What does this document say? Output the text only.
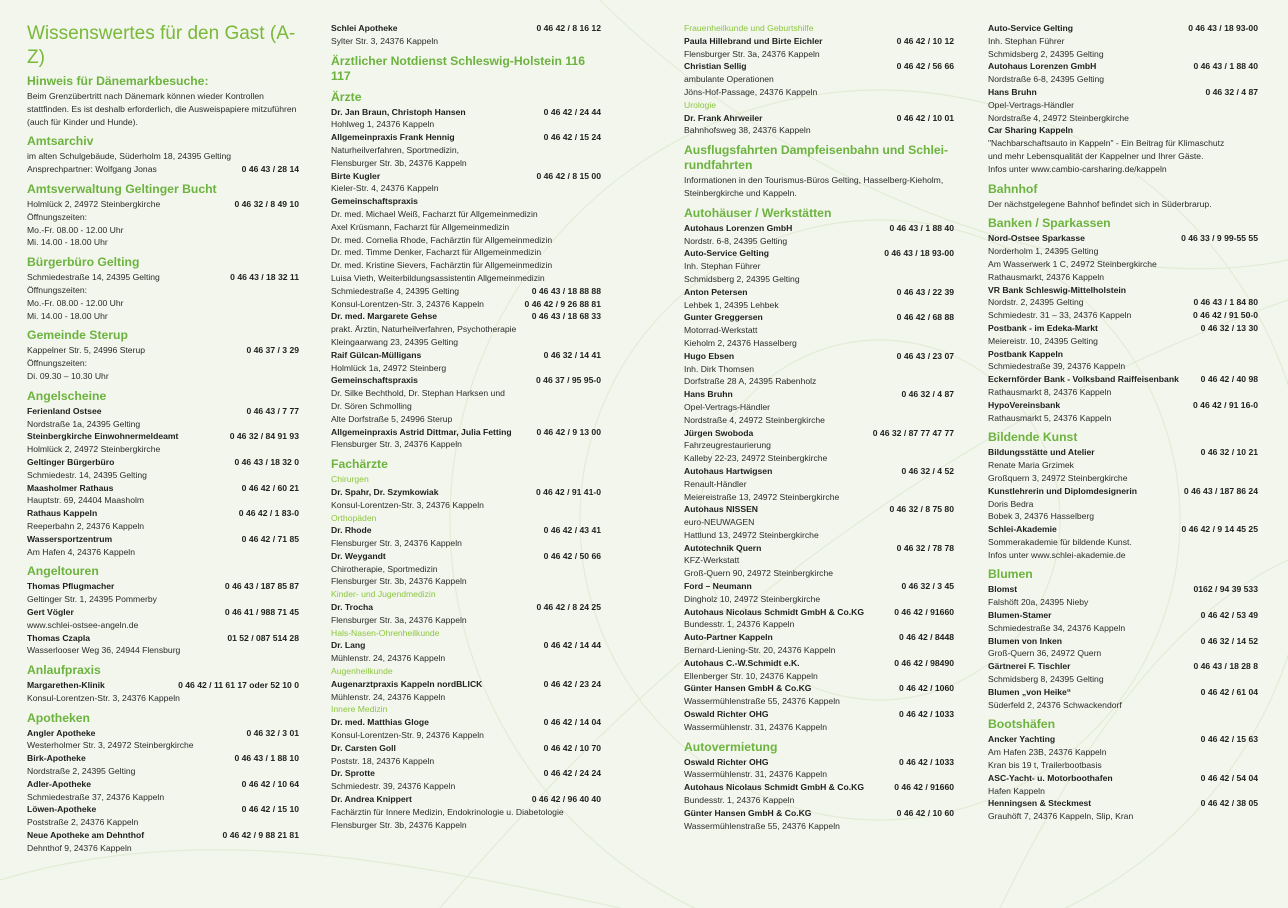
Wissenswertes für den Gast (A-Z)
Hinweis für Dänemarkbesuche:

Beim Grenzübertritt nach Dänemark können wieder Kontrollen stattfinden. Es ist deshalb erforderlich, die Ausweispapiere mitzuführen (auch für Kinder und Hunde).

Amtsarchiv

im alten Schulgebäude, Süderholm 18, 24395 Gelting

Ansprechpartner: Wolfgang Jonas	0 46 43 / 28 14
Amtsverwaltung Geltinger Bucht
Holmlück 2, 24972 Steinbergkirche	0 46 32 / 8 49 10

Öffnungszeiten:

Mo.-Fr. 08.00 - 12.00 Uhr

Mi. 14.00 - 18.00 Uhr

Bürgerbüro Gelting
Schmiedestraße 14, 24395 Gelting	0 46 43 / 18 32 11

Öffnungszeiten:

Mo.-Fr. 08.00 - 12.00 Uhr

Mi. 14.00 - 18.00 Uhr

Gemeinde Sterup
Kappelner Str. 5, 24996 Sterup	0 46 37 / 3 29

Öffnungszeiten:

Di. 09.30 – 10.30 Uhr

Angelscheine
Ferienland Ostsee	0 46 43 / 7 77

Nordstraße 1a, 24395 Gelting

Steinbergkirche Einwohnermeldeamt	0 46 32 / 84 91 93

Holmlück 2, 24972 Steinbergkirche

Geltinger Bürgerbüro	0 46 43 / 18 32 0

Schmiedestr. 14, 24395 Gelting

Maasholmer Rathaus	0 46 42 / 60 21

Hauptstr. 69, 24404 Maasholm

Rathaus Kappeln	0 46 42 / 1 83-0

Reeperbahn 2, 24376 Kappeln

Wassersportzentrum	0 46 42 / 71 85

Am Hafen 4, 24376 Kappeln

Angeltouren
Thomas Pflugmacher	0 46 43 / 187 85 87

Geltinger Str. 1, 24395 Pommerby

Gert Vögler	0 46 41 / 988 71 45

www.schlei-ostsee-angeln.de

Thomas Czapla	01 52 / 087 514 28

Wasserlooser Weg 36, 24944 Flensburg

Anlaufpraxis
Margarethen-Klinik	0 46 42 / 11 61 17 oder 52 10 0

Konsul-Lorentzen-Str. 3, 24376 Kappeln

Apotheken
Angler Apotheke	0 46 32 / 3 01

Westerholmer Str. 3, 24972 Steinbergkirche

Birk-Apotheke	0 46 43 / 1 88 10

Nordstraße 2, 24395 Gelting

Adler-Apotheke	0 46 42 / 10 64

Schmiedestraße 37, 24376 Kappeln

Löwen-Apotheke	0 46 42 / 15 10

Poststraße 2, 24376 Kappeln

Neue Apotheke am Dehnthof	0 46 42 / 9 88 21 81

Dehnthof 9, 24376 Kappeln

Schlei Apotheke	0 46 42 / 8 16 12

Sylter Str. 3, 24376 Kappeln

Ärztlicher Notdienst Schleswig-Holstein 116 117
Ärzte
Dr. Jan Braun, Christoph Hansen	0 46 42 / 24 44

Hohlweg 1, 24376 Kappeln

Allgemeinpraxis Frank Hennig	0 46 42 / 15 24

Naturheilverfahren, Sportmedizin,

Flensburger Str. 3b, 24376 Kappeln

Birte Kugler	0 46 42 / 8 15 00

Kieler-Str. 4, 24376 Kappeln

Gemeinschaftspraxis

Dr. med. Michael Weiß, Facharzt für Allgemeinmedizin

Axel Krüsmann, Facharzt für Allgemeinmedizin

Dr. med. Cornelia Rhode, Fachärztin für Allgemeinmedizin

Dr. med. Timme Denker, Facharzt für Allgemeinmedizin

Dr. med. Kristine Sievers, Fachärztin für Allgemeinmedizin

Luisa Vieth, Weiterbildungsassistentin Allgemeinmedizin

Schmiedestraße 4, 24395 Gelting	0 46 43 / 18 88 88
Konsul-Lorentzen-Str. 3, 24376 Kappeln	0 46 42 / 9 26 88 81
Dr. med. Margarete Gehse	0 46 43 / 18 68 33

prakt. Ärztin, Naturheilverfahren, Psychotherapie

Kleingaarwang 23, 24395 Gelting

Raif Gülcan-Mülligans	0 46 32 / 14 41

Holmlück 1a, 24972 Steinberg

Gemeinschaftspraxis	0 46 37 / 95 95-0

Dr. Silke Bechthold, Dr. Stephan Harksen und

Dr. Sören Schmolling

Alte Dorfstraße 5, 24996 Sterup

Allgemeinpraxis Astrid Dittmar, Julia Fetting	0 46 42 / 9 13 00

Flensburger Str. 3, 24376 Kappeln

Fachärzte

Chirurgen

Dr. Spahr, Dr. Szymkowiak	0 46 42 / 91 41-0

Konsul-Lorentzen-Str. 3, 24376 Kappeln

Orthopäden

Dr. Rhode	0 46 42 / 43 41

Flensburger Str. 3, 24376 Kappeln

Dr. Weygandt	0 46 42 / 50 66

Chirotherapie, Sportmedizin

Flensburger Str. 3b, 24376 Kappeln

Kinder- und Jugendmedizin

Dr. Trocha	0 46 42 / 8 24 25

Flensburger Str. 3a, 24376 Kappeln

Hals-Nasen-Ohrenheilkunde

Dr. Lang	0 46 42 / 14 44

Mühlenstr. 24, 24376 Kappeln

Augenheilkunde

Augenarztpraxis Kappeln nordBLICK	0 46 42 / 23 24

Mühlenstr. 24, 24376 Kappeln

Innere Medizin

Dr. med. Matthias Gloge	0 46 42 / 14 04

Konsul-Lorentzen-Str. 9, 24376 Kappeln

Dr. Carsten Goll	0 46 42 / 10 70

Poststr. 18, 24376 Kappeln

Dr. Sprotte	0 46 42 / 24 24

Schmiedestr. 39, 24376 Kappeln

Dr. Andrea Knippert	0 46 42 / 96 40 40

Fachärztin für Innere Medizin, Endokrinologie u. Diabetologie

Flensburger Str. 3b, 24376 Kappeln

Frauenheilkunde und Geburtshilfe

Paula Hillebrand und Birte Eichler	0 46 42 / 10 12

Flensburger Str. 3a, 24376 Kappeln

Christian Sellig	0 46 42 / 56 66

ambulante Operationen

Jöns-Hof-Passage, 24376 Kappeln

Urologie

Dr. Frank Ahrweiler	0 46 42 / 10 01

Bahnhofsweg 38, 24376 Kappeln

Ausflugsfahrten Dampfeisenbahn und Schlei-rundfahrten

Informationen in den Tourismus-Büros Gelting, Hasselberg-Kieholm, Steinbergkirche und Kappeln.

Autohäuser / Werkstätten
Autohaus Lorenzen GmbH	0 46 43 / 1 88 40

Nordstr. 6-8, 24395 Gelting

Auto-Service Gelting	0 46 43 / 18 93-00

Inh. Stephan Führer

Schmidsberg 2, 24395 Gelting

Anton Petersen	0 46 43 / 22 39

Lehbek 1, 24395 Lehbek

Gunter Greggersen	0 46 42 / 68 88

Motorrad-Werkstatt

Kieholm 2, 24376 Hasselberg

Hugo Ebsen	0 46 43 / 23 07

Inh. Dirk Thomsen

Dorfstraße 28 A, 24395 Rabenholz

Hans Bruhn	0 46 32 / 4 87

Opel-Vertrags-Händler

Nordstraße 4, 24972 Steinbergkirche

Jürgen Swoboda	0 46 32 / 87 77 47 77

Fahrzeugrestaurierung

Kalleby 22-23, 24972 Steinbergkirche

Autohaus Hartwigsen	0 46 32 / 4 52

Renault-Händler

Meiereistraße 13, 24972 Steinbergkirche

Autohaus NISSEN	0 46 32 / 8 75 80

euro-NEUWAGEN

Hattlund 13, 24972 Steinbergkirche

Autotechnik Quern	0 46 32 / 78 78

KFZ-Werkstatt

Groß-Quern 90, 24972 Steinbergkirche

Ford – Neumann	0 46 32 / 3 45

Dingholz 10, 24972 Steinbergkirche

Autohaus Nicolaus Schmidt GmbH & Co.KG	0 46 42 / 91660

Bundesstr. 1, 24376 Kappeln

Auto-Partner Kappeln	0 46 42 / 8448

Bernard-Liening-Str. 20, 24376 Kappeln

Autohaus C.-W.Schmidt e.K.	0 46 42 / 98490

Ellenberger Str. 10, 24376 Kappeln

Günter Hansen GmbH & Co.KG	0 46 42 / 1060

Wassermühlenstraße 55, 24376 Kappeln

Oswald Richter OHG	0 46 42 / 1033

Wassermühlenstr. 31, 24376 Kappeln

Autovermietung
Oswald Richter OHG	0 46 42 / 1033

Wassermühlenstr. 31, 24376 Kappeln

Autohaus Nicolaus Schmidt GmbH & Co.KG	0 46 42 / 91660

Bundesstr. 1, 24376 Kappeln

Günter Hansen GmbH & Co.KG	0 46 42 / 10 60

Wassermühlenstraße 55, 24376 Kappeln

Auto-Service Gelting	0 46 43 / 18 93-00

Inh. Stephan Führer

Schmidsberg 2, 24395 Gelting

Autohaus Lorenzen GmbH	0 46 43 / 1 88 40

Nordstraße 6-8, 24395 Gelting

Hans Bruhn	0 46 32 / 4 87

Opel-Vertrags-Händler

Nordstraße 4, 24972 Steinbergkirche

Car Sharing Kappeln

"Nachbarschaftsauto in Kappeln" - Ein Beitrag für Klimaschutz

und mehr Lebensqualität der Kappelner und Ihrer Gäste.

Infos unter www.cambio-carsharing.de/kappeln

Bahnhof

Der nächstgelegene Bahnhof befindet sich in Süderbrarup.

Banken / Sparkassen
Nord-Ostsee Sparkasse	0 46 33 / 9 99-55 55

Norderholm 1, 24395 Gelting

Am Wasserwerk 1 C, 24972 Steinbergkirche

Rathausmarkt, 24376 Kappeln

VR Bank Schleswig-Mittelholstein
Nordstr. 2, 24395 Gelting	0 46 43 / 1 84 80
Schmiedestr. 31 – 33, 24376 Kappeln	0 46 42 / 91 50-0
Postbank - im Edeka-Markt	0 46 32 / 13 30

Meiereistr. 10, 24395 Gelting

Postbank Kappeln

Schmiedestraße 39, 24376 Kappeln

Eckernförder Bank - Volksband Raiffeisenbank	0 46 42 / 40 98

Rathausmarkt 8, 24376 Kappeln

HypoVereinsbank	0 46 42 / 91 16-0

Rathausmarkt 5, 24376 Kappeln

Bildende Kunst
Bildungsstätte und Atelier	0 46 32 / 10 21

Renate Maria Grzimek

Großquern 3, 24972 Steinbergkirche

Kunstlehrerin und Diplomdesignerin	0 46 43 / 187 86 24

Doris Bedra

Bobek 3, 24376 Hasselberg

Schlei-Akademie	0 46 42 / 9 14 45 25

Sommerakademie für bildende Kunst.

Infos unter www.schlei-akademie.de

Blumen
Blomst	0162 / 94 39 533

Falshöft 20a, 24395 Nieby

Blumen-Stamer	0 46 42 / 53 49

Schmiedestraße 34, 24376 Kappeln

Blumen von Inken	0 46 32 / 14 52

Groß-Quern 36, 24972 Quern

Gärtnerei F. Tischler	0 46 43 / 18 28 8

Schmidsberg 8, 24395 Gelting

Blumen „von Heike“	0 46 42 / 61 04

Süderfeld 2, 24376 Schwackendorf

Bootshäfen
Ancker Yachting	0 46 42 / 15 63

Am Hafen 23B, 24376 Kappeln

Kran bis 19 t, Trailerbootbasis

ASC-Yacht- u. Motorboothafen	0 46 42 / 54 04

Hafen Kappeln

Henningsen & Steckmest	0 46 42 / 38 05

Grauhöft 7, 24376 Kappeln, Slip, Kran
